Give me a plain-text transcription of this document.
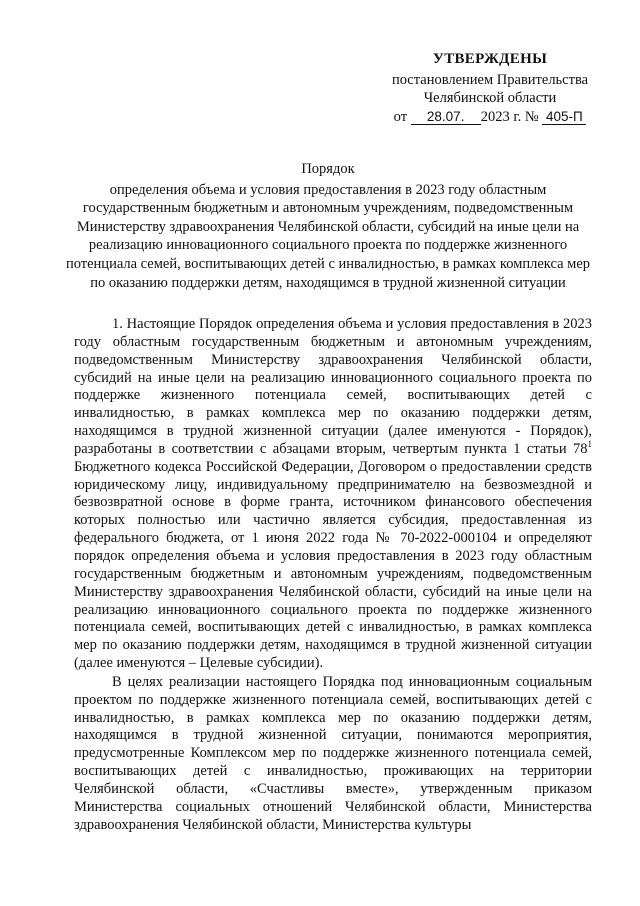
УТВЕРЖДЕНЫ
постановлением Правительства
Челябинской области
от 28.07. 2023 г. № 405-П
Порядок
определения объема и условия предоставления в 2023 году областным государственным бюджетным и автономным учреждениям, подведомственным Министерству здравоохранения Челябинской области, субсидий на иные цели на реализацию инновационного социального проекта по поддержке жизненного потенциала семей, воспитывающих детей с инвалидностью, в рамках комплекса мер по оказанию поддержки детям, находящимся в трудной жизненной ситуации

1. Настоящие Порядок определения объема и условия предоставления в 2023 году областным государственным бюджетным и автономным учреждениям, подведомственным Министерству здравоохранения Челябинской области, субсидий на иные цели на реализацию инновационного социального проекта по поддержке жизненного потенциала семей, воспитывающих детей с инвалидностью, в рамках комплекса мер по оказанию поддержки детям, находящимся в трудной жизненной ситуации (далее именуются - Порядок), разработаны в соответствии с абзацами вторым, четвертым пункта 1 статьи $78^1$ Бюджетного кодекса Российской Федерации, Договором о предоставлении средств юридическому лицу, индивидуальному предпринимателю на безвозмездной и безвозвратной основе в форме гранта, источником финансового обеспечения которых полностью или частично является субсидия, предоставленная из федерального бюджета, от 1 июня 2022 года № 70-2022-000104 и определяют порядок определения объема и условия предоставления в 2023 году областным государственным бюджетным и автономным учреждениям, подведомственным Министерству здравоохранения Челябинской области, субсидий на иные цели на реализацию инновационного социального проекта по поддержке жизненного потенциала семей, воспитывающих детей с инвалидностью, в рамках комплекса мер по оказанию поддержки детям, находящимся в трудной жизненной ситуации (далее именуются – Целевые субсидии).

В целях реализации настоящего Порядка под инновационным социальным проектом по поддержке жизненного потенциала семей, воспитывающих детей с инвалидностью, в рамках комплекса мер по оказанию поддержки детям, находящимся в трудной жизненной ситуации, понимаются мероприятия, предусмотренные Комплексом мер по поддержке жизненного потенциала семей, воспитывающих детей с инвалидностью, проживающих на территории Челябинской области, «Счастливы вместе», утвержденным приказом Министерства социальных отношений Челябинской области, Министерства здравоохранения Челябинской области, Министерства культуры
